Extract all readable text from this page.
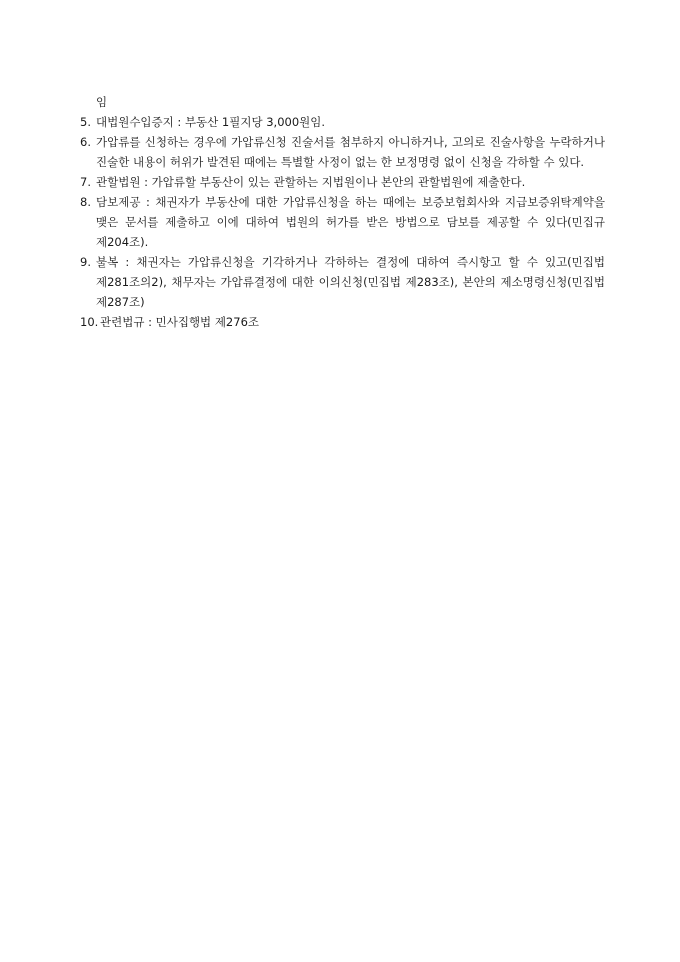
임
5. 대법원수입증지 : 부동산 1필지당 3,000원임.
6. 가압류를 신청하는 경우에 가압류신청 진술서를 첨부하지 아니하거나, 고의로 진술사항을 누락하거나 진술한 내용이 허위가 발견된 때에는 특별할 사정이 없는 한 보정명령 없이 신청을 각하할 수 있다.
7. 관할법원 : 가압류할 부동산이 있는 관할하는 지법원이나 본안의 관할법원에 제출한다.
8. 담보제공 : 채권자가 부동산에 대한 가압류신청을 하는 때에는 보증보험회사와 지급보증위탁계약을 맺은 문서를 제출하고 이에 대하여 법원의 허가를 받은 방법으로 담보를 제공할 수 있다(민집규 제204조).
9. 불복 : 채권자는 가압류신청을 기각하거나 각하하는 결정에 대하여 즉시항고 할 수 있고(민집법 제281조의2), 채무자는 가압류결정에 대한 이의신청(민집법 제283조), 본안의 제소명령신청(민집법 제287조)
10. 관련법규 : 민사집행법 제276조
